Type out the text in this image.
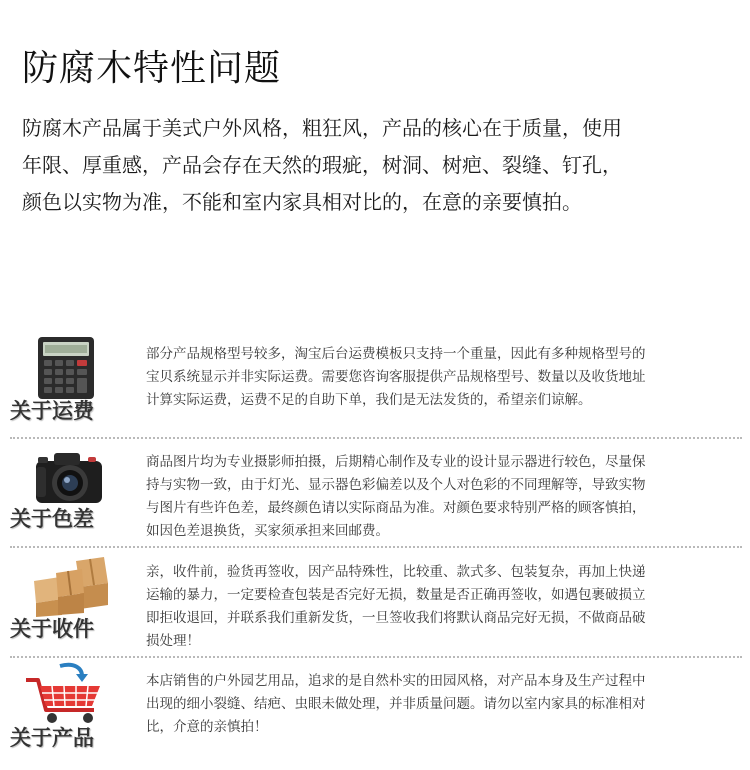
防腐木特性问题
防腐木产品属于美式户外风格，粗狂风，产品的核心在于质量，使用
年限、厚重感，产品会存在天然的瑕疵，树洞、树疤、裂缝、钉孔，
颜色以实物为准，不能和室内家具相对比的，在意的亲要慎拍。
关于运费
部分产品规格型号较多，淘宝后台运费模板只支持一个重量，因此有多种规格型号的
宝贝系统显示并非实际运费。需要您咨询客服提供产品规格型号、数量以及收货地址
计算实际运费，运费不足的自助下单，我们是无法发货的，希望亲们谅解。
关于色差
商品图片均为专业摄影师拍摄，后期精心制作及专业的设计显示器进行较色，尽量保
持与实物一致，由于灯光、显示器色彩偏差以及个人对色彩的不同理解等，导致实物
与图片有些许色差，最终颜色请以实际商品为准。对颜色要求特别严格的顾客慎拍，
如因色差退换货，买家须承担来回邮费。
关于收件
亲，收件前，验货再签收，因产品特殊性，比较重、款式多、包装复杂，再加上快递
运输的暴力，一定要检查包装是否完好无损，数量是否正确再签收，如遇包裹破损立
即拒收退回，并联系我们重新发货，一旦签收我们将默认商品完好无损，不做商品破
损处理！
关于产品
本店销售的户外园艺用品，追求的是自然朴实的田园风格，对产品本身及生产过程中
出现的细小裂缝、结疤、虫眼未做处理，并非质量问题。请勿以室内家具的标准相对
比，介意的亲慎拍！
